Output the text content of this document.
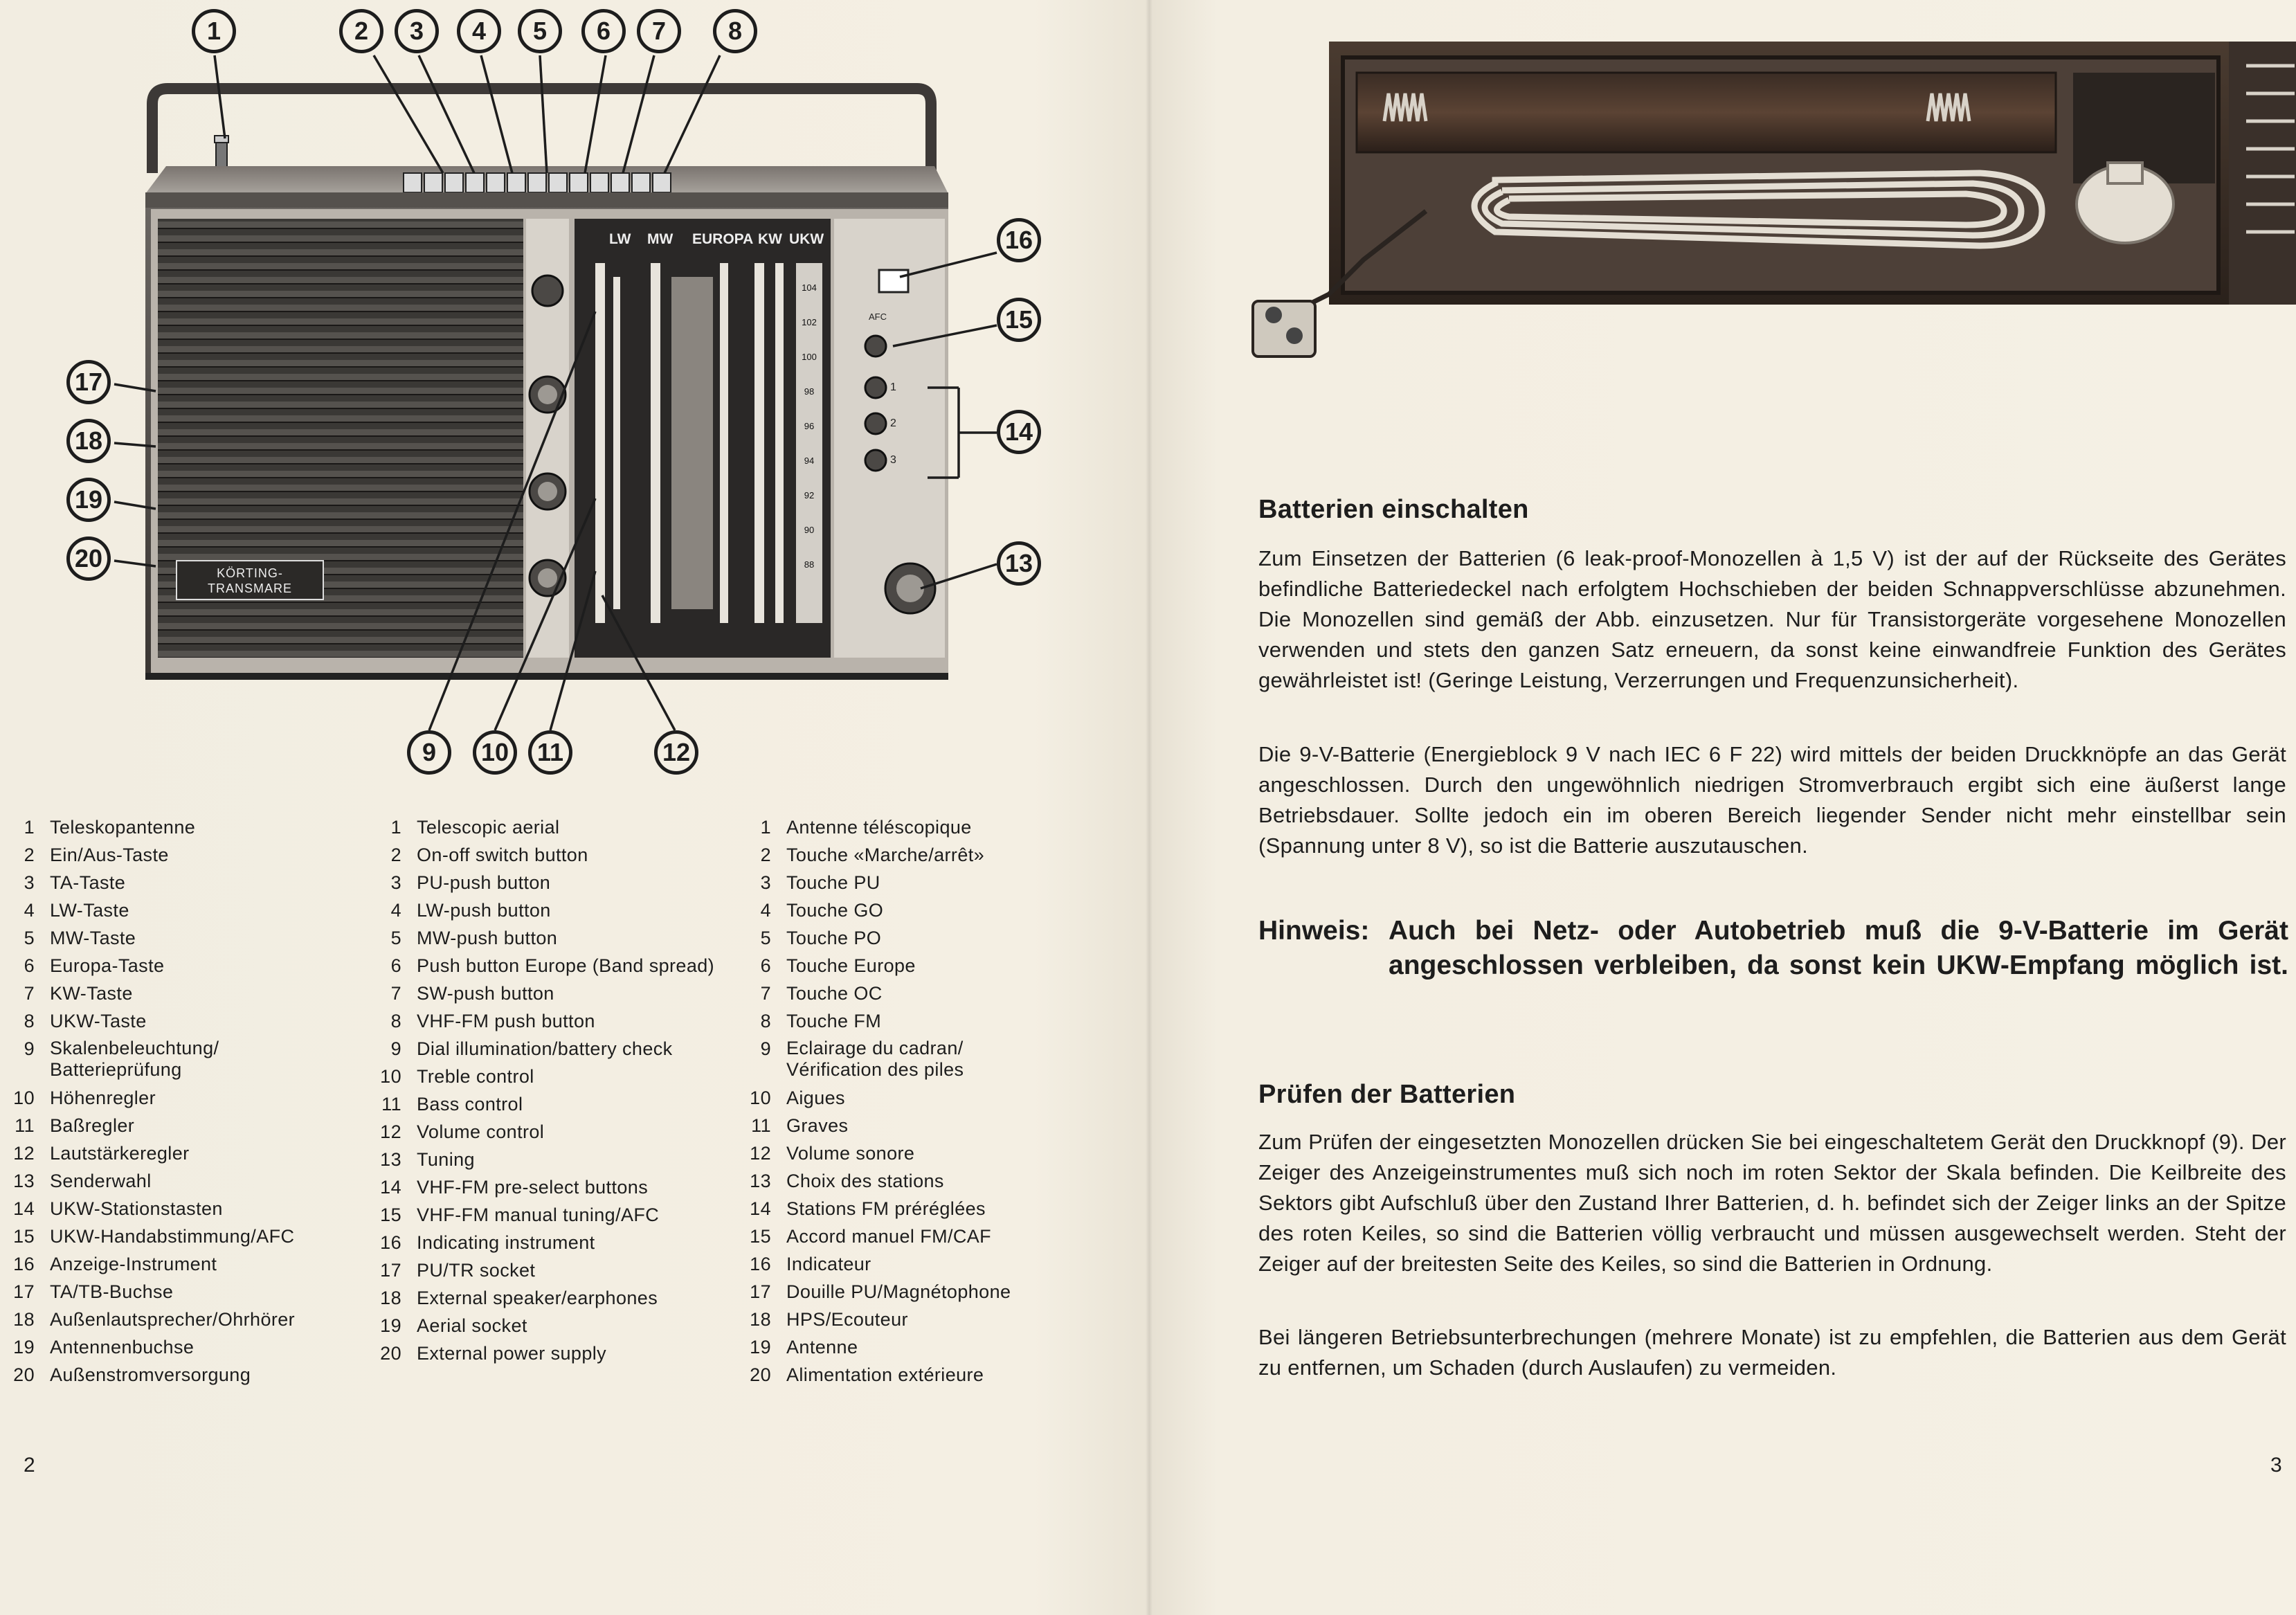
KÖRTING-
TRANSMARE
LW MW EUROPA KW UKW
104
102
100
98
96
94
92
90
88
AFC
1
2
3
1	2	3	4	5	6	7	8
16
15
14
13
17
18
19
20
9	10	11	12
1 Teleskopantenne
2 Ein/Aus-Taste
3 TA-Taste
4 LW-Taste
5 MW-Taste
6 Europa-Taste
7 KW-Taste
8 UKW-Taste
9 Skalenbeleuchtung/
Batterieprüfung
10 Höhenregler
11 Baßregler
12 Lautstärkeregler
13 Senderwahl
14 UKW-Stationstasten
15 UKW-Handabstimmung/AFC
16 Anzeige-Instrument
17 TA/TB-Buchse
18 Außenlautsprecher/Ohrhörer
19 Antennenbuchse
20 Außenstromversorgung
1 Telescopic aerial
2 On-off switch button
3 PU-push button
4 LW-push button
5 MW-push button
6 Push button Europe (Band spread)
7 SW-push button
8 VHF-FM push button
9 Dial illumination/battery check
10 Treble control
11 Bass control
12 Volume control
13 Tuning
14 VHF-FM pre-select buttons
15 VHF-FM manual tuning/AFC
16 Indicating instrument
17 PU/TR socket
18 External speaker/earphones
19 Aerial socket
20 External power supply
1 Antenne téléscopique
2 Touche «Marche/arrêt»
3 Touche PU
4 Touche GO
5 Touche PO
6 Touche Europe
7 Touche OC
8 Touche FM
9 Eclairage du cadran/
Vérification des piles
10 Aigues
11 Graves
12 Volume sonore
13 Choix des stations
14 Stations FM préréglées
15 Accord manuel FM/CAF
16 Indicateur
17 Douille PU/Magnétophone
18 HPS/Ecouteur
19 Antenne
20 Alimentation extérieure
2	3
Batterien einschalten
Zum Einsetzen der Batterien (6 leak-proof-Monozellen à 1,5 V) ist der auf der Rückseite des Gerätes befindliche Batteriedeckel nach erfolgtem Hochschieben der beiden Schnappverschlüsse abzunehmen. Die Monozellen sind gemäß der Abb. einzusetzen. Nur für Transistorgeräte vorgesehene Monozellen verwenden und stets den ganzen Satz erneuern, da sonst keine einwandfreie Funktion des Gerätes gewährleistet ist! (Geringe Leistung, Verzerrungen und Frequenzunsicherheit).
Die 9-V-Batterie (Energieblock 9 V nach IEC 6 F 22) wird mittels der beiden Druckknöpfe an das Gerät angeschlossen. Durch den ungewöhnlich niedrigen Stromverbrauch ergibt sich eine äußerst lange Betriebsdauer. Sollte jedoch ein im oberen Bereich liegender Sender nicht mehr einstellbar sein (Spannung unter 8 V), so ist die Batterie auszutauschen.
Hinweis: Auch bei Netz- oder Autobetrieb muß die 9-V-Batterie im Gerät angeschlossen verbleiben, da sonst kein UKW-Empfang möglich ist.
Prüfen der Batterien
Zum Prüfen der eingesetzten Monozellen drücken Sie bei eingeschaltetem Gerät den Druckknopf (9). Der Zeiger des Anzeigeinstrumentes muß sich noch im roten Sektor der Skala befinden. Die Keilbreite des Sektors gibt Aufschluß über den Zustand Ihrer Batterien, d. h. befindet sich der Zeiger links an der Spitze des roten Keiles, so sind die Batterien völlig verbraucht und müssen ausgewechselt werden. Steht der Zeiger auf der breitesten Seite des Keiles, so sind die Batterien in Ordnung.
Bei längeren Betriebsunterbrechungen (mehrere Monate) ist zu empfehlen, die Batterien aus dem Gerät zu entfernen, um Schaden (durch Auslaufen) zu vermeiden.
